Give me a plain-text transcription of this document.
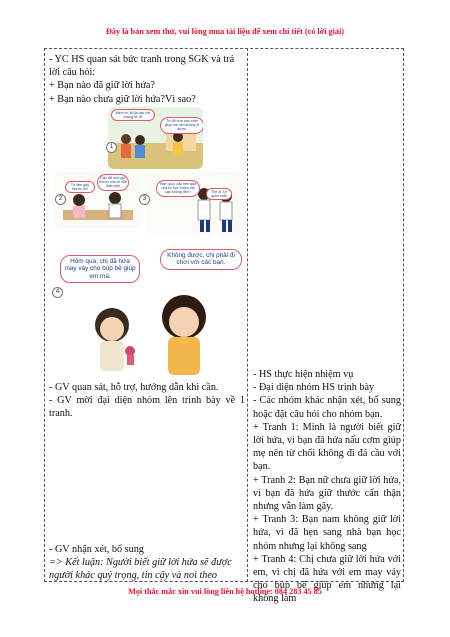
Đây là bản xem thử, vui lòng mua tài liệu để xem chi tiết (có lời giải)

- YC HS quan sát bức tranh trong SGK và trả lời câu hỏi:

+ Bạn nào đã giữ lời hứa?

+ Bạn nào chưa giữ lời hứa?Vì sao?

Minh ơi, đi đá cầu với chúng tớ đi!
Tớ đã hứa nấu cơm giúp mẹ nên không đi được.
1
Tớ làm gãy thước rồi!
Cậu đã hứa giữ thước của tớ cẩn thận mà!
2
Hôm qua, cậu hẹn qua nhà tớ học nhóm mà sao không đến?	Thế à! Tớ quên mất!
3
Hôm qua, chị đã hứa may váy cho búp bê giúp em mà.
Không được, chị phải đi chơi với các bạn.
4

- GV quan sát, hỗ trợ, hướng dẫn khi cần.

- GV mời đại diện nhóm lên trình bày về 1 tranh.

- GV nhận xét, bổ sung

=> Kết luận: Người biết giữ lời hứa sẽ được người khác quý trọng, tin cậy và noi theo

- HS thực hiện nhiệm vụ

- Đại diện nhóm HS trình bày

- Các nhóm khác nhận xét, bổ sung hoặc đặt câu hỏi cho nhóm bạn.

+ Tranh 1: Minh là người biết giữ lời hứa, vì bạn đã hứa nấu cơm giúp mẹ nên từ chối không đi đá cầu với bạn.

+ Tranh 2: Bạn nữ chưa giữ lời hứa, vì bạn đã hứa giữ thước cẩn thận nhưng vẫn làm gãy.

+ Tranh 3: Bạn nam không giữ lời hứa, vì đã hẹn sang nhà bạn học nhóm nhưng lại không sang

+ Tranh 4: Chị chưa giữ lời hứa với em, vì chị đã hứa với em may váy cho búp bê giúp em nhưng lại không làm

Mọi thắc mắc xin vui lòng liên hệ hotline: 084 283 45 85
